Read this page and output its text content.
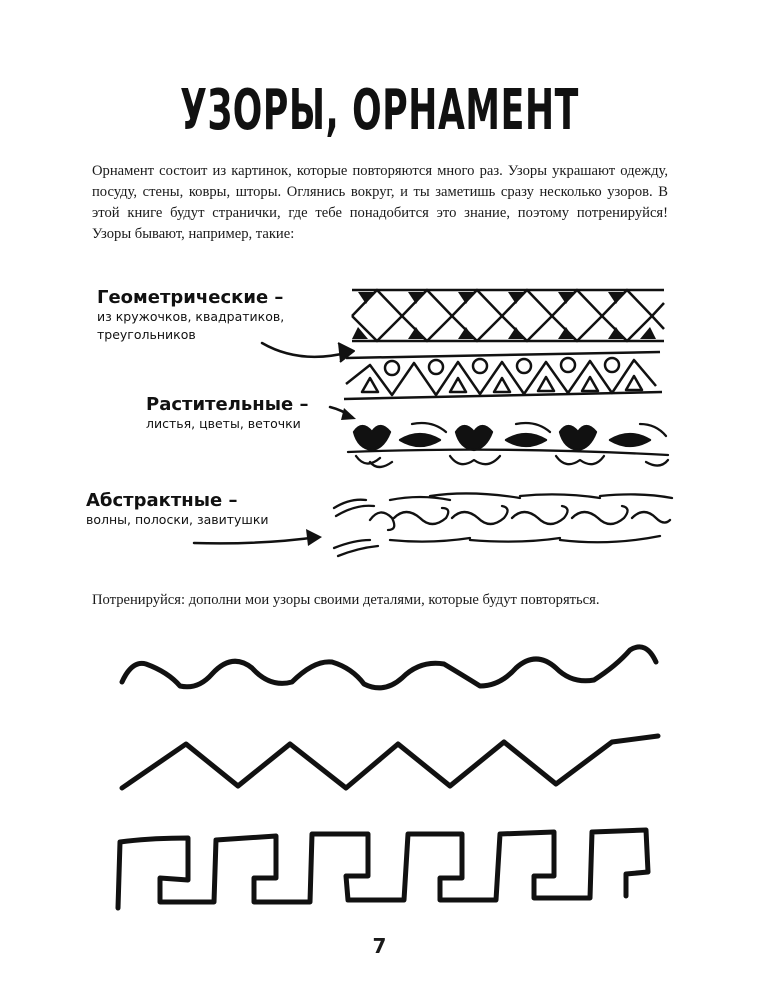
УЗОРЫ, ОРНАМЕНТ

Орнамент состоит из картинок, которые повторяются много раз. Узоры украшают одежду, посуду, стены, ковры, шторы. Оглянись вокруг, и ты заметишь сразу несколько узоров. В этой книге будут странички, где тебе понадобится это знание, поэтому потренируйся! Узоры бывают, например, такие:

Геометрические –
из кружочков, квадратиков, треугольников
Растительные –
листья, цветы, веточки
Абстрактные –
волны, полоски, завитушки

Потренируйся: дополни мои узоры своими деталями, которые будут повторяться.

7
